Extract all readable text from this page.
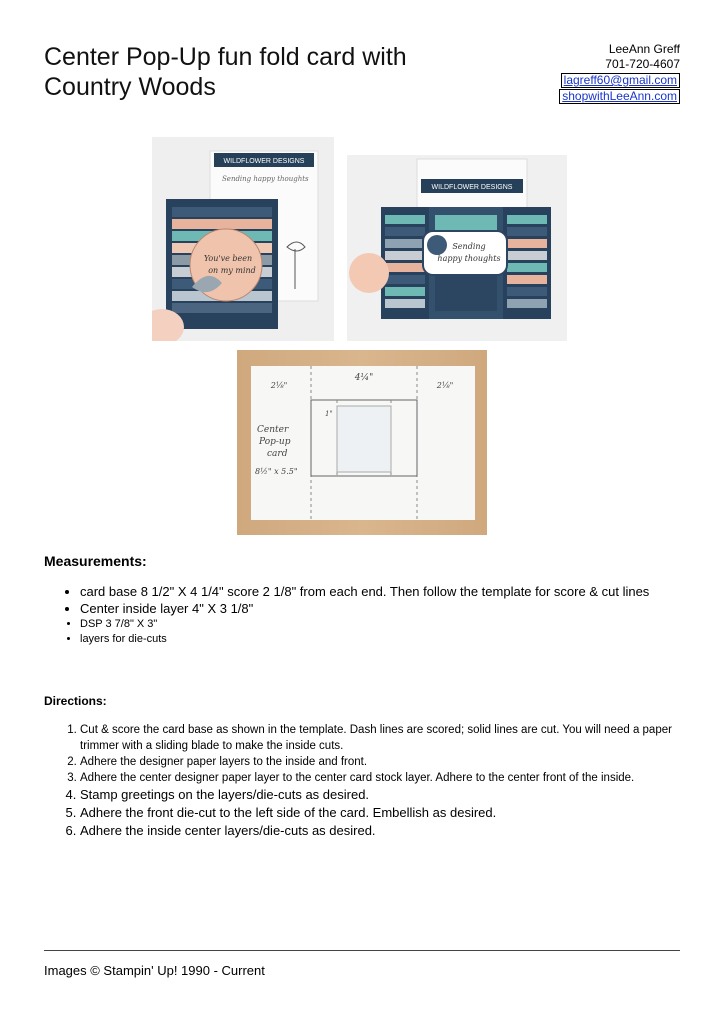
Center Pop-Up fun fold card with
Country Woods
LeeAnn Greff
701-720-4607
lagreff60@gmail.com
shopwithLeeAnn.com
WILDFLOWER DESIGNS
Sending happy thoughts
You've been
on my mind
WILDFLOWER DESIGNS
Sending
happy thoughts
2⅛"
4¼"
2⅛"
Center
Pop-up
card
8½" x 5.5"
1"
Measurements:
• card base 8 1/2" X 4 1/4" score 2 1/8" from each end. Then follow the template for score & cut lines
• Center inside layer 4" X 3 1/8"
• DSP 3 7/8" X 3"
• layers for die-cuts
Directions:
1. Cut & score the card base as shown in the template. Dash lines are scored; solid lines are cut. You will need a paper trimmer with a sliding blade to make the inside cuts.
2. Adhere the designer paper layers to the inside and front.
3. Adhere the center designer paper layer to the center card stock layer. Adhere to the center front of the inside.
4. Stamp greetings on the layers/die-cuts as desired.
5. Adhere the front die-cut to the left side of the card. Embellish as desired.
6. Adhere the inside center layers/die-cuts as desired.
Images © Stampin' Up! 1990 - Current
